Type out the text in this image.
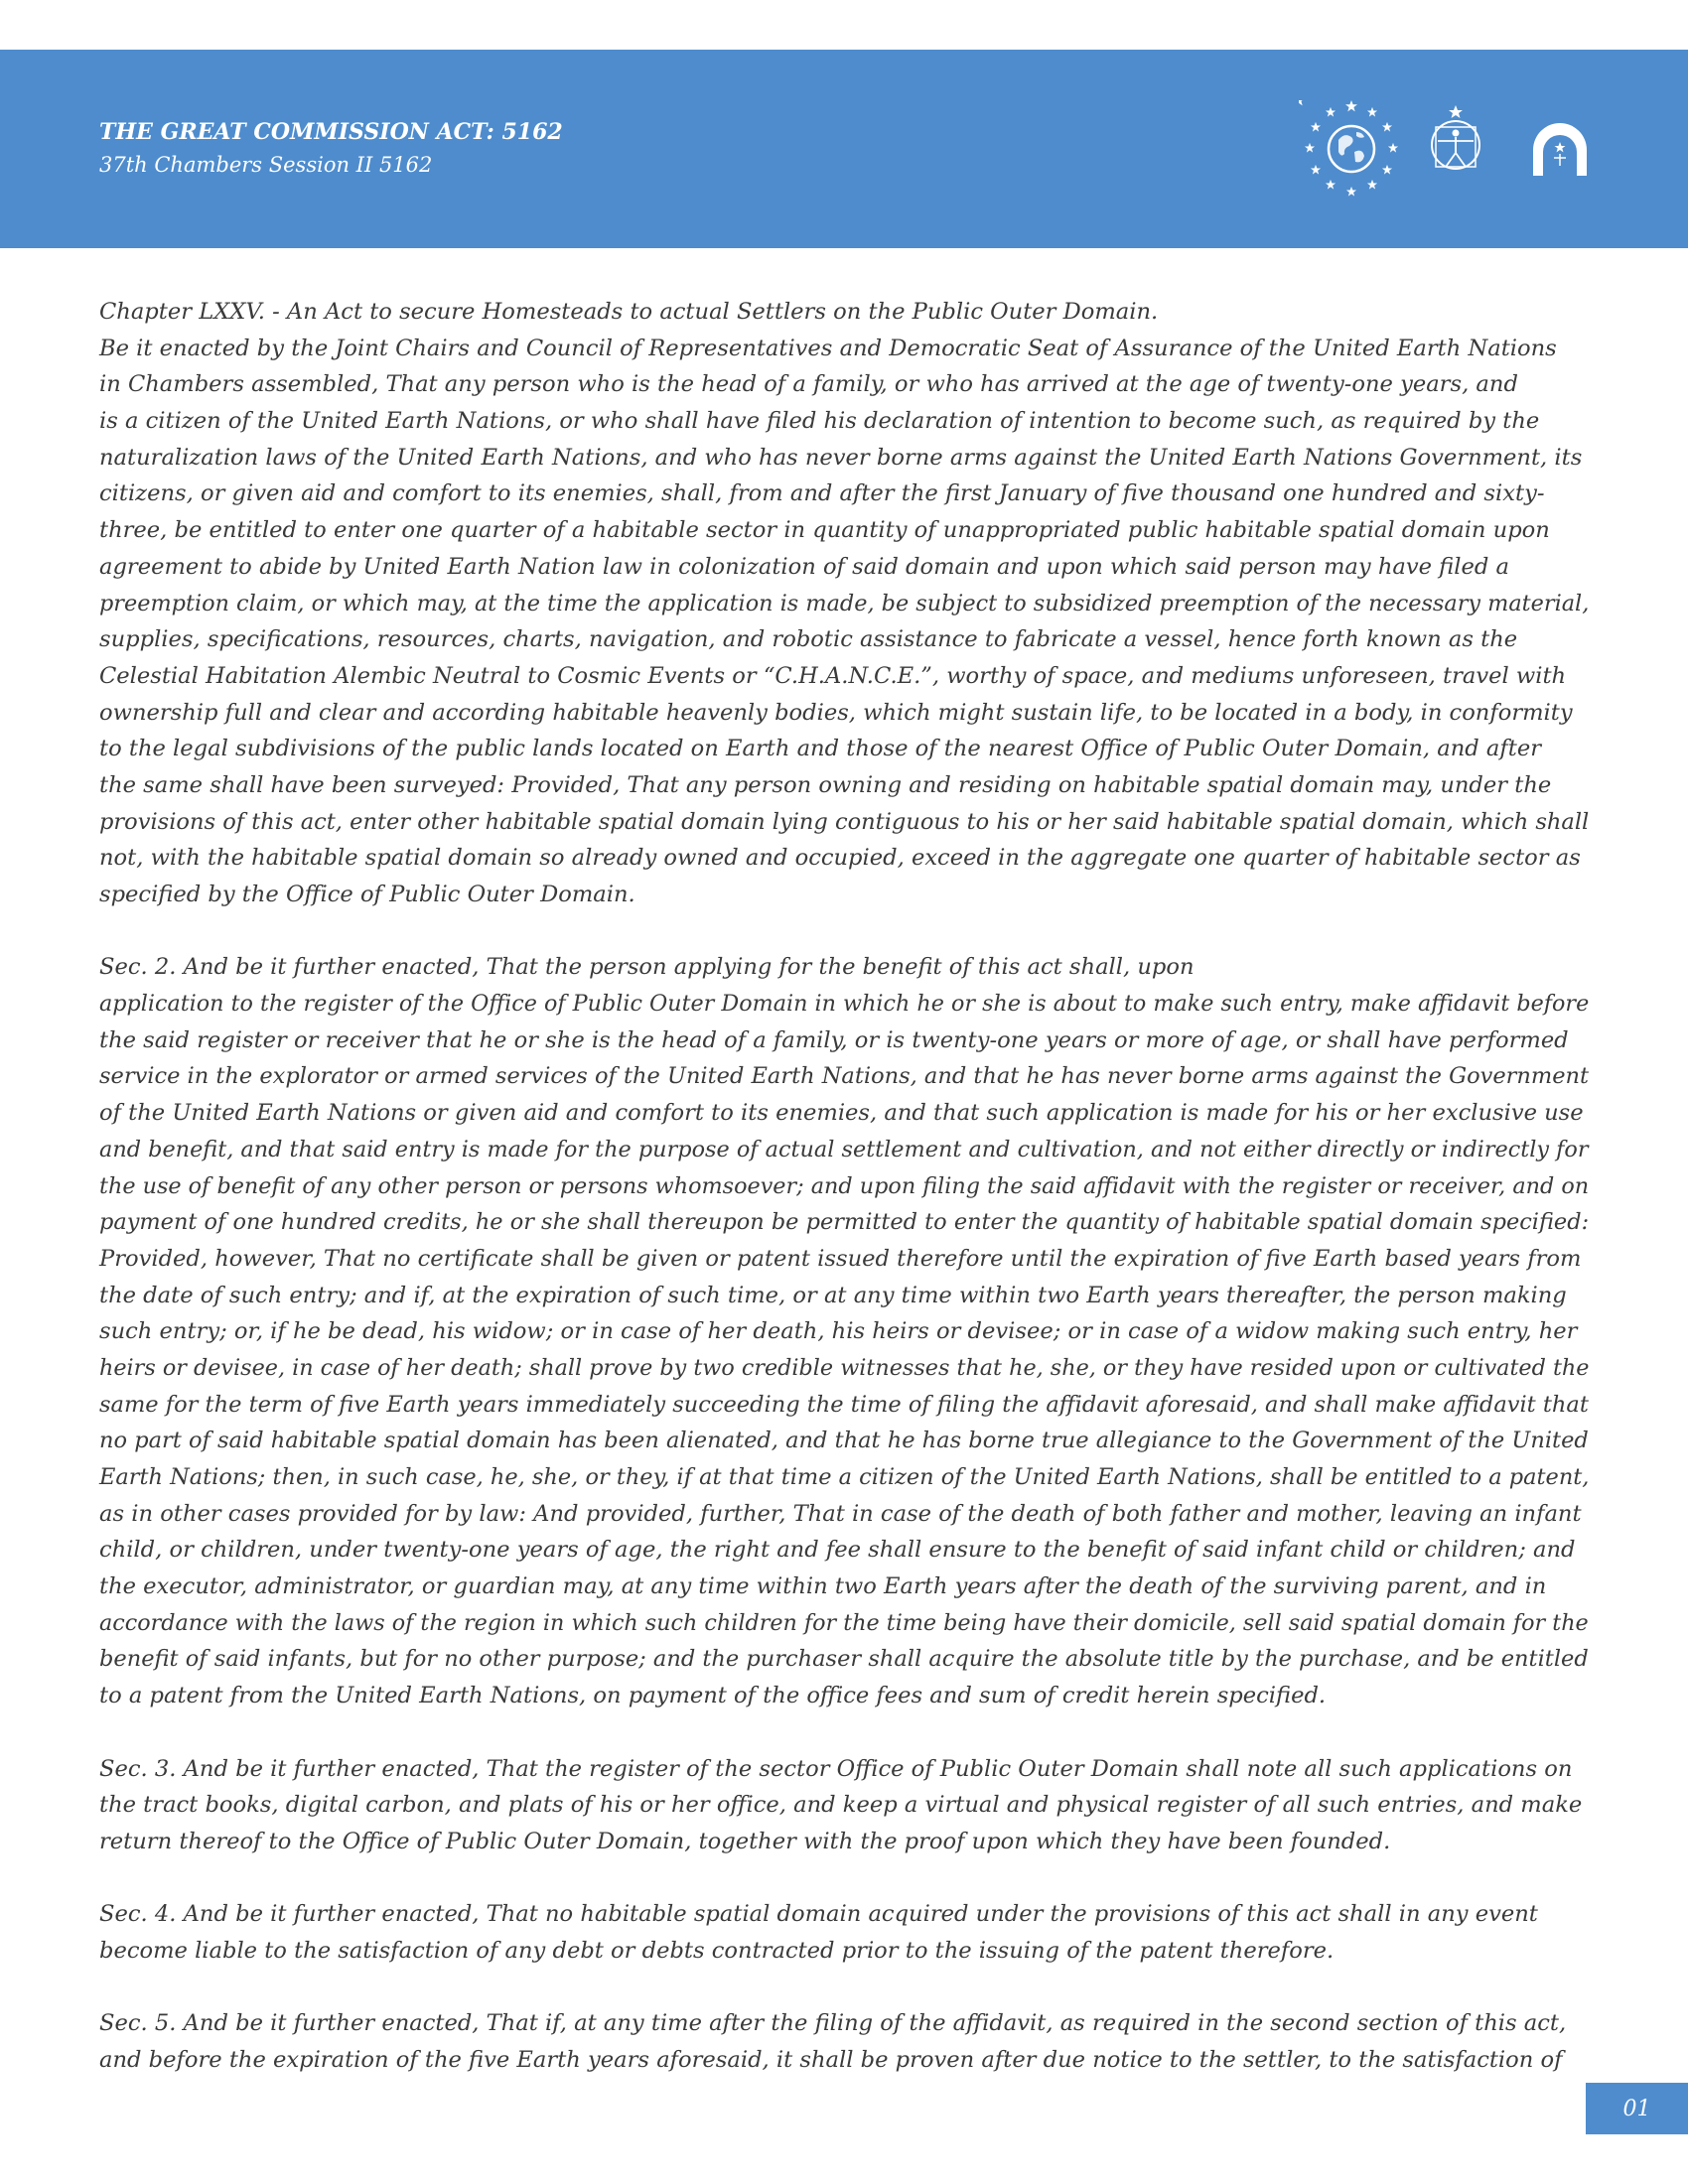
THE GREAT COMMISSION ACT: 5162
37th Chambers Session II 5162
Chapter LXXV. - An Act to secure Homesteads to actual Settlers on the Public Outer Domain.
Be it enacted by the Joint Chairs and Council of Representatives and Democratic Seat of Assurance of the United Earth Nations
in Chambers assembled, That any person who is the head of a family, or who has arrived at the age of twenty-one years, and
is a citizen of the United Earth Nations, or who shall have filed his declaration of intention to become such, as required by the
naturalization laws of the United Earth Nations, and who has never borne arms against the United Earth Nations Government, its
citizens, or given aid and comfort to its enemies, shall, from and after the first January of five thousand one hundred and sixty-
three, be entitled to enter one quarter of a habitable sector in quantity of unappropriated public habitable spatial domain upon
agreement to abide by United Earth Nation law in colonization of said domain and upon which said person may have filed a
preemption claim, or which may, at the time the application is made, be subject to subsidized preemption of the necessary material,
supplies, specifications, resources, charts, navigation, and robotic assistance to fabricate a vessel, hence forth known as the
Celestial Habitation Alembic Neutral to Cosmic Events or “C.H.A.N.C.E.”, worthy of space, and mediums unforeseen, travel with
ownership full and clear and according habitable heavenly bodies, which might sustain life, to be located in a body, in conformity
to the legal subdivisions of the public lands located on Earth and those of the nearest Office of Public Outer Domain, and after
the same shall have been surveyed: Provided, That any person owning and residing on habitable spatial domain may, under the
provisions of this act, enter other habitable spatial domain lying contiguous to his or her said habitable spatial domain, which shall
not, with the habitable spatial domain so already owned and occupied, exceed in the aggregate one quarter of habitable sector as
specified by the Office of Public Outer Domain.
Sec. 2. And be it further enacted, That the person applying for the benefit of this act shall, upon
application to the register of the Office of Public Outer Domain in which he or she is about to make such entry, make affidavit before
the said register or receiver that he or she is the head of a family, or is twenty-one years or more of age, or shall have performed
service in the explorator or armed services of the United Earth Nations, and that he has never borne arms against the Government
of the United Earth Nations or given aid and comfort to its enemies, and that such application is made for his or her exclusive use
and benefit, and that said entry is made for the purpose of actual settlement and cultivation, and not either directly or indirectly for
the use of benefit of any other person or persons whomsoever; and upon filing the said affidavit with the register or receiver, and on
payment of one hundred credits, he or she shall thereupon be permitted to enter the quantity of habitable spatial domain specified:
Provided, however, That no certificate shall be given or patent issued therefore until the expiration of five Earth based years from
the date of such entry; and if, at the expiration of such time, or at any time within two Earth years thereafter, the person making
such entry; or, if he be dead, his widow; or in case of her death, his heirs or devisee; or in case of a widow making such entry, her
heirs or devisee, in case of her death; shall prove by two credible witnesses that he, she, or they have resided upon or cultivated the
same for the term of five Earth years immediately succeeding the time of filing the affidavit aforesaid, and shall make affidavit that
no part of said habitable spatial domain has been alienated, and that he has borne true allegiance to the Government of the United
Earth Nations; then, in such case, he, she, or they, if at that time a citizen of the United Earth Nations, shall be entitled to a patent,
as in other cases provided for by law: And provided, further, That in case of the death of both father and mother, leaving an infant
child, or children, under twenty-one years of age, the right and fee shall ensure to the benefit of said infant child or children; and
the executor, administrator, or guardian may, at any time within two Earth years after the death of the surviving parent, and in
accordance with the laws of the region in which such children for the time being have their domicile, sell said spatial domain for the
benefit of said infants, but for no other purpose; and the purchaser shall acquire the absolute title by the purchase, and be entitled
to a patent from the United Earth Nations, on payment of the office fees and sum of credit herein specified.
Sec. 3. And be it further enacted, That the register of the sector Office of Public Outer Domain shall note all such applications on
the tract books, digital carbon, and plats of his or her office, and keep a virtual and physical register of all such entries, and make
return thereof to the Office of Public Outer Domain, together with the proof upon which they have been founded.
Sec. 4. And be it further enacted, That no habitable spatial domain acquired under the provisions of this act shall in any event
become liable to the satisfaction of any debt or debts contracted prior to the issuing of the patent therefore.
Sec. 5. And be it further enacted, That if, at any time after the filing of the affidavit, as required in the second section of this act,
and before the expiration of the five Earth years aforesaid, it shall be proven after due notice to the settler, to the satisfaction of
01
